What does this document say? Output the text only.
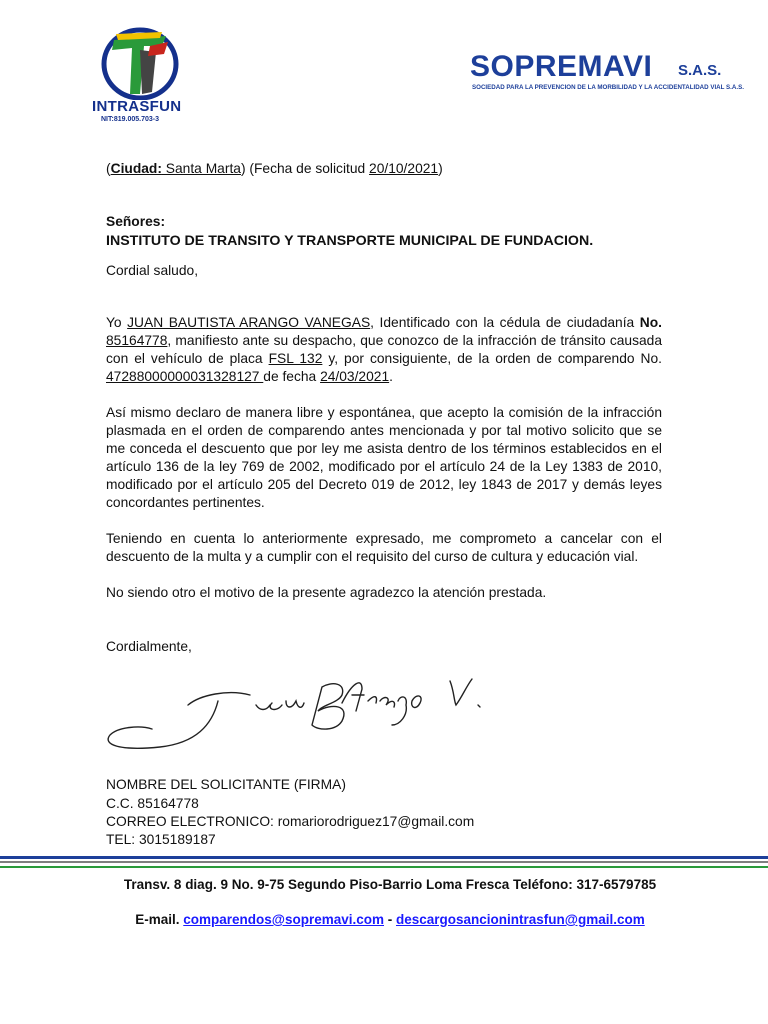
INTRASFUN
NIT:819.005.703-3
SOPREMAVI S.A.S.
SOCIEDAD PARA LA PREVENCION DE LA MORBILIDAD Y LA ACCIDENTALIDAD VIAL S.A.S.
(Ciudad: Santa Marta) (Fecha de solicitud 20/10/2021)
Señores:
INSTITUTO DE TRANSITO Y TRANSPORTE MUNICIPAL DE FUNDACION.
Cordial saludo,
Yo JUAN BAUTISTA ARANGO VANEGAS, Identificado con la cédula de ciudadanía No. 85164778, manifiesto ante su despacho, que conozco de la infracción de tránsito causada con el vehículo de placa FSL 132 y, por consiguiente, de la orden de comparendo No. 47288000000031328127 de fecha 24/03/2021.
Así mismo declaro de manera libre y espontánea, que acepto la comisión de la infracción plasmada en el orden de comparendo antes mencionada y por tal motivo solicito que se me conceda el descuento que por ley me asista dentro de los términos establecidos en el artículo 136 de la ley 769 de 2002, modificado por el artículo 24 de la Ley 1383 de 2010, modificado por el artículo 205 del Decreto 019 de 2012, ley 1843 de 2017 y demás leyes concordantes pertinentes.
Teniendo en cuenta lo anteriormente expresado, me comprometo a cancelar con el descuento de la multa y a cumplir con el requisito del curso de cultura y educación vial.
No siendo otro el motivo de la presente agradezco la atención prestada.
Cordialmente,
NOMBRE DEL SOLICITANTE (FIRMA)
C.C. 85164778
CORREO ELECTRONICO: romariorodriguez17@gmail.com
TEL: 3015189187
Transv. 8 diag. 9 No. 9-75 Segundo Piso-Barrio Loma Fresca Teléfono: 317-6579785
E-mail. comparendos@sopremavi.com - descargosancionintrasfun@gmail.com
